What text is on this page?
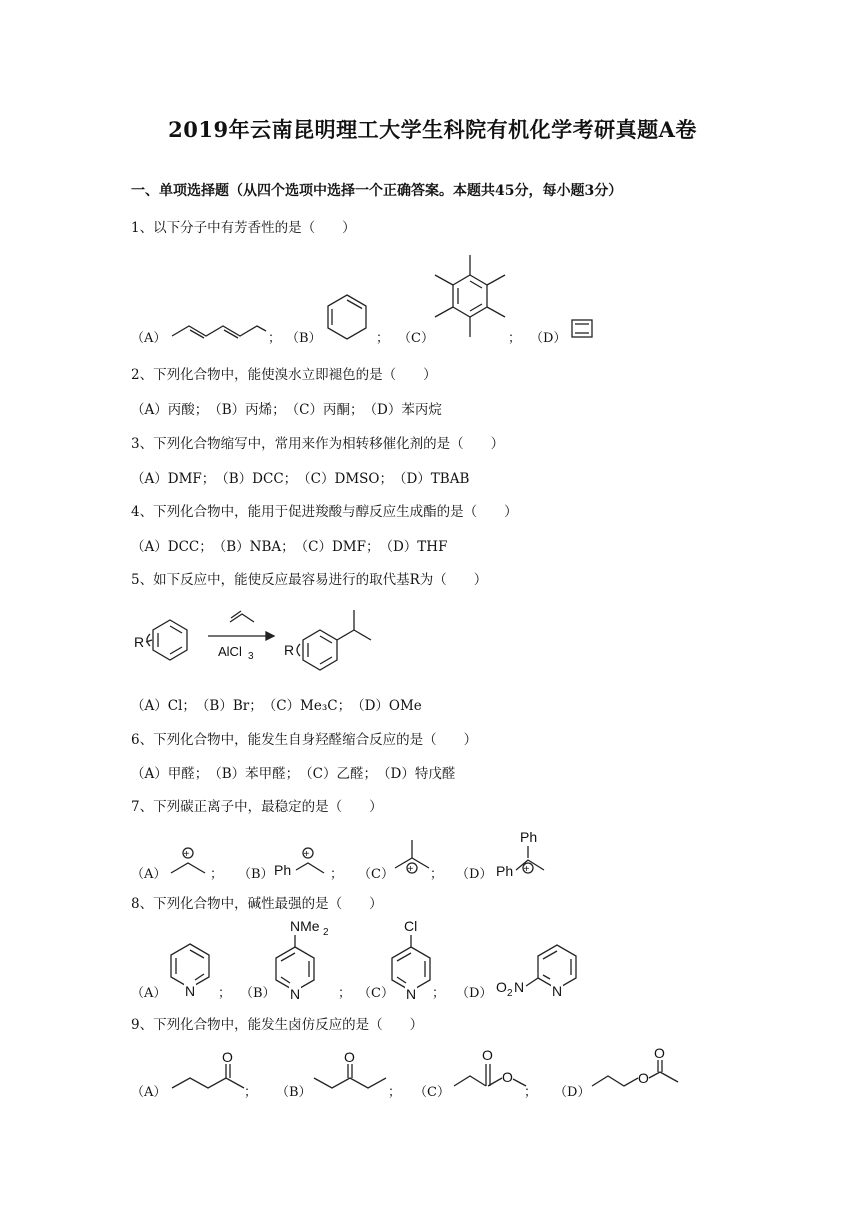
2019年云南昆明理工大学生科院有机化学考研真题A卷
一、单项选择题（从四个选项中选择一个正确答案。本题共45分，每小题3分）
1、以下分子中有芳香性的是（　　）
（A）	； （B）	； （C）	； （D）
2、下列化合物中，能使溴水立即褪色的是（　　）
（A）丙酸；　（B）丙烯；　（C）丙酮；　（D）苯丙烷
3、下列化合物缩写中，常用来作为相转移催化剂的是（　　）
（A）DMF；　（B）DCC；　（C）DMSO；　（D）TBAB
4、下列化合物中，能用于促进羧酸与醇反应生成酯的是（　　）
（A）DCC；　（B）NBA；　（C）DMF；　（D）THF
5、如下反应中，能使反应最容易进行的取代基R为（　　）
R
AlCl 3 R
（A）Cl；　（B）Br；　（C）Me₃C；　（D）OMe
6、下列化合物中，能发生自身羟醛缩合反应的是（　　）
（A）甲醛；　（B）苯甲醛；　（C）乙醛；　（D）特戊醛
7、下列碳正离子中，最稳定的是（　　）
（A）
+
； （B） Ph
+
； （C） + ； （D）
Ph
Ph +
8、下列化合物中，碱性最强的是（　　）
（A） N ； （B）
NMe 2
N	； （C）
Cl
N ； （D） O 2 N N
9、下列化合物中，能发生卤仿反应的是（　　）
（A）
O
； （B）
O
； （C）
O
O
； （D）
O
O
